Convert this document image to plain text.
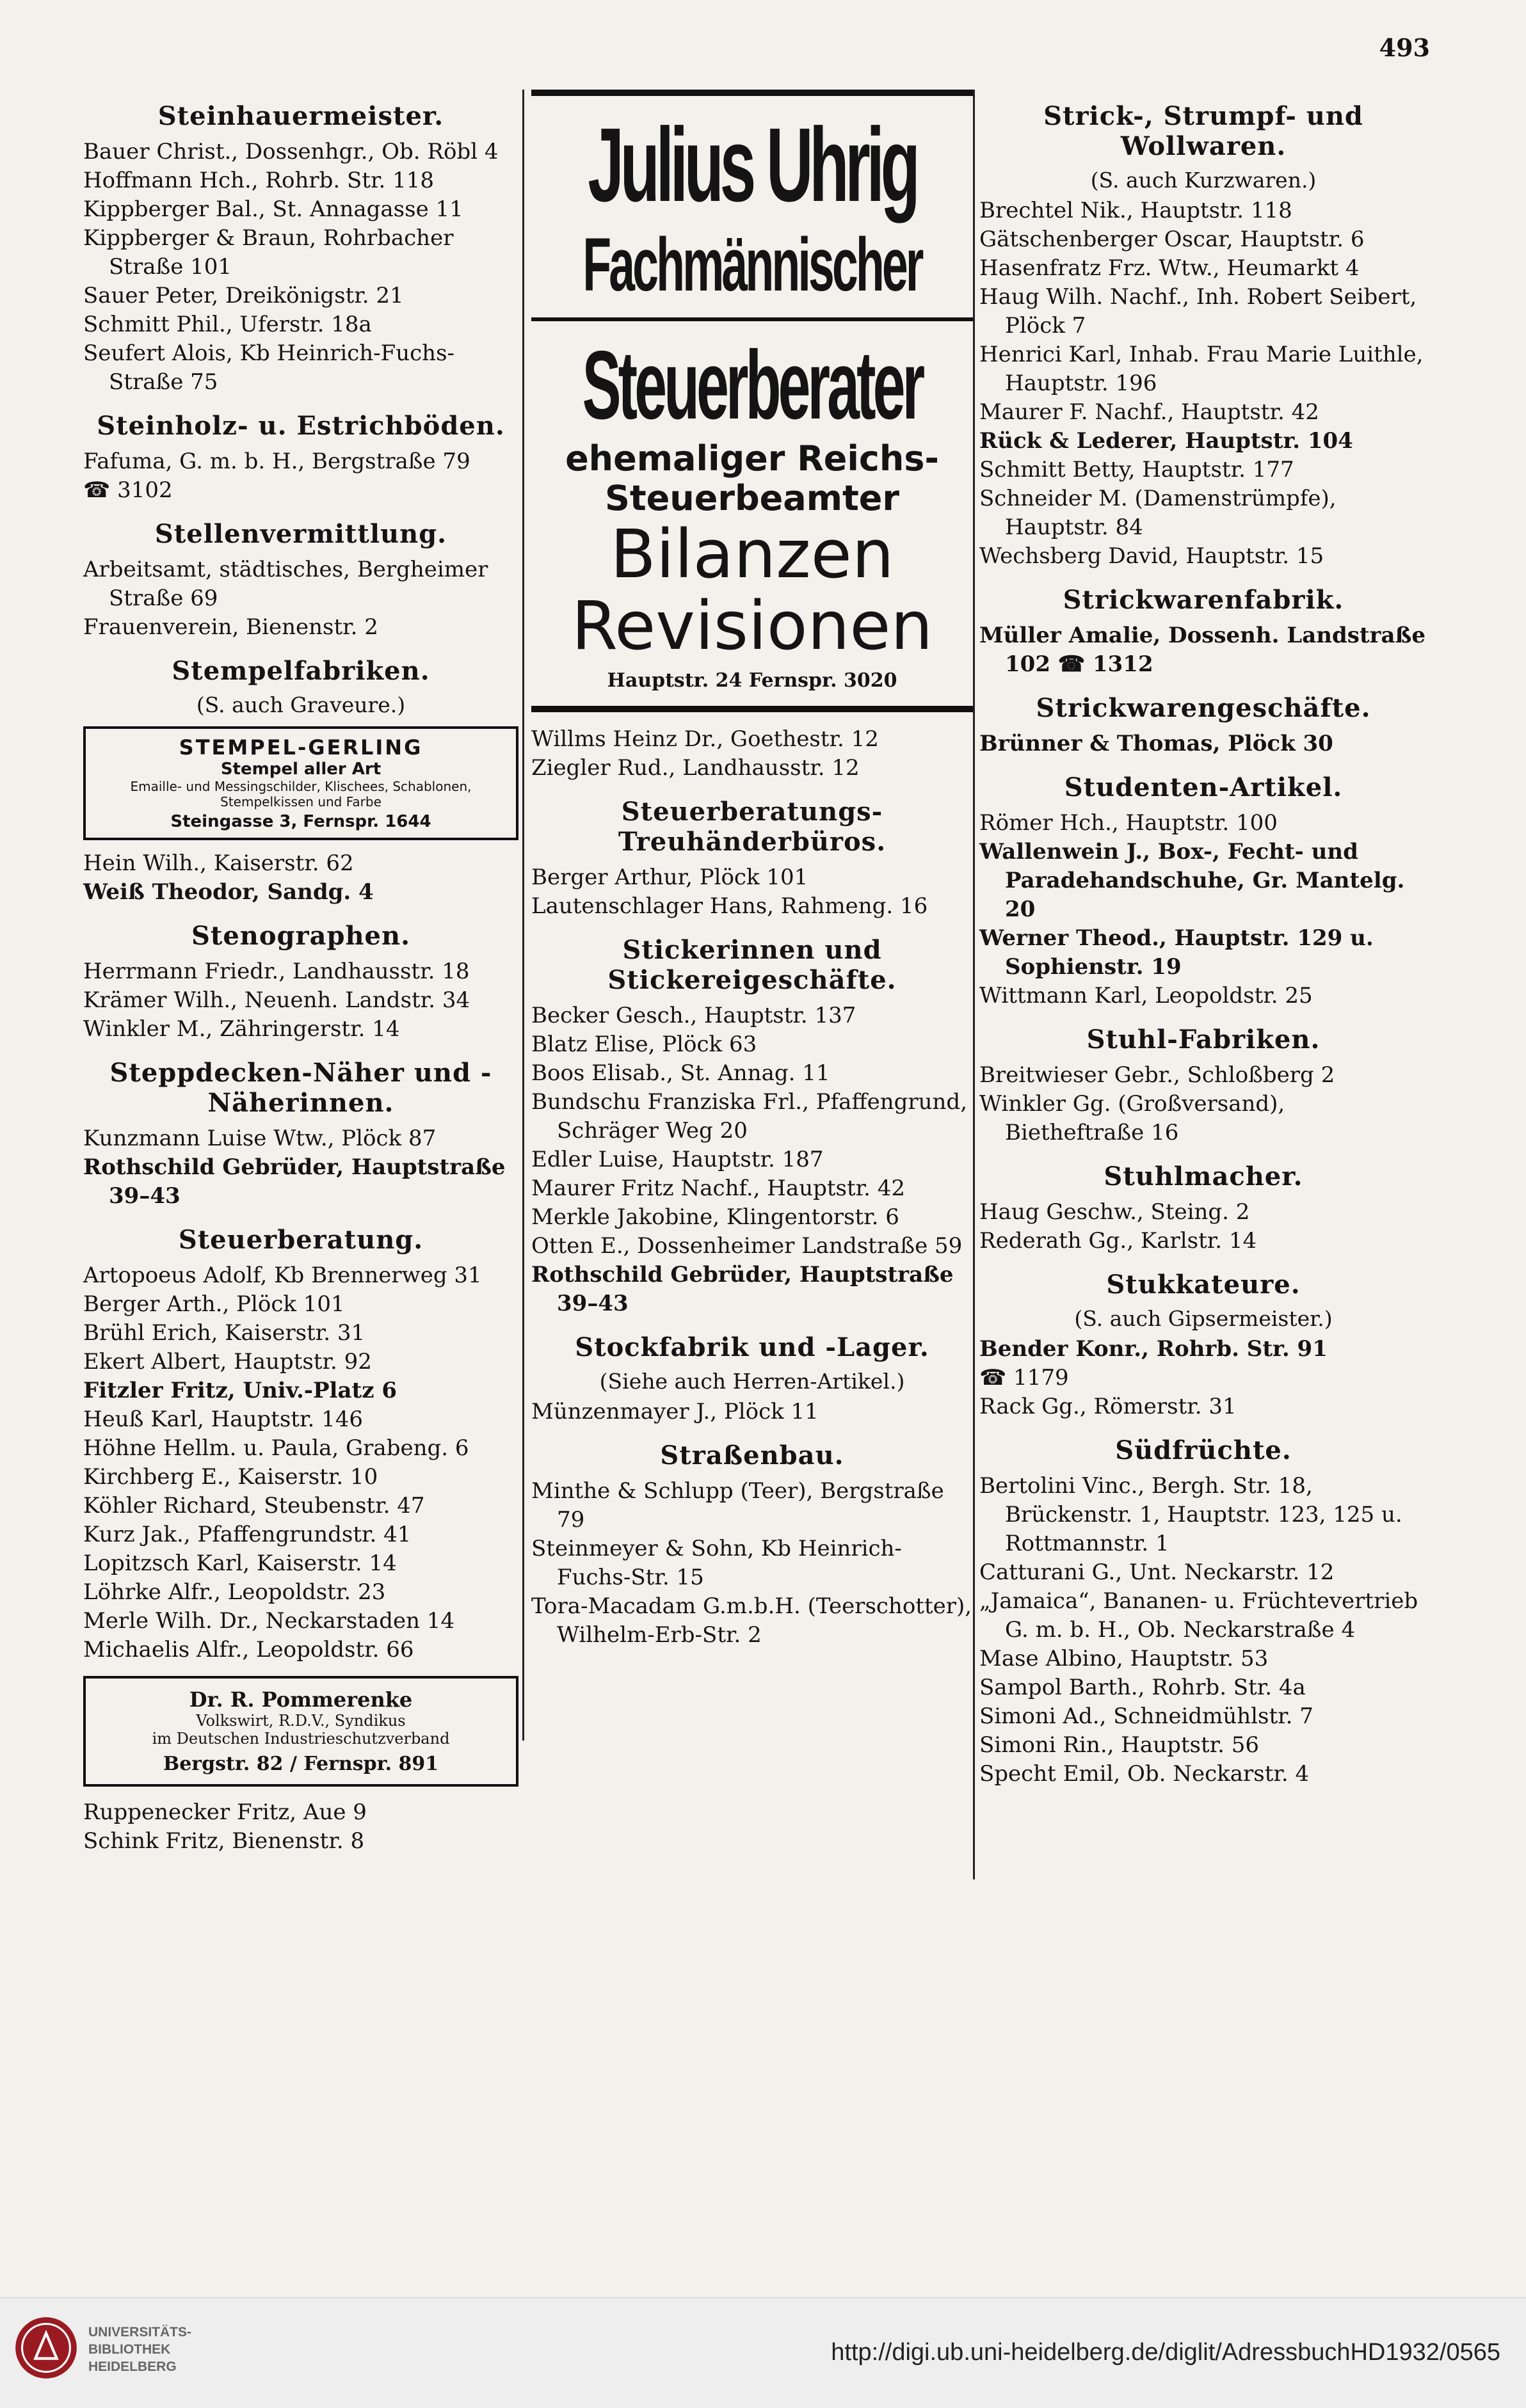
493
Steinhauermeister.
Bauer Christ., Dossenhgr., Ob. Röbl 4
Hoffmann Hch., Rohrb. Str. 118
Kippberger Bal., St. Annagasse 11
Kippberger & Braun, Rohrbacher Straße 101
Sauer Peter, Dreikönigstr. 21
Schmitt Phil., Uferstr. 18a
Seufert Alois, Kb Heinrich-Fuchs-Straße 75
Steinholz- u. Estrichböden.
Fafuma, G. m. b. H., Bergstraße 79
☎ 3102
Stellenvermittlung.
Arbeitsamt, städtisches, Bergheimer Straße 69
Frauenverein, Bienenstr. 2
Stempelfabriken.
(S. auch Graveure.)
STEMPEL-GERLING
Stempel aller Art
Emaille- und Messingschilder, Klischees, Schablonen, Stempelkissen und Farbe
Steingasse 3, Fernspr. 1644
Hein Wilh., Kaiserstr. 62
Weiß Theodor, Sandg. 4
Stenographen.
Herrmann Friedr., Landhausstr. 18
Krämer Wilh., Neuenh. Landstr. 34
Winkler M., Zähringerstr. 14
Steppdecken-Näher und -Näherinnen.
Kunzmann Luise Wtw., Plöck 87
Rothschild Gebrüder, Hauptstraße 39–43
Steuerberatung.
Artopoeus Adolf, Kb Brennerweg 31
Berger Arth., Plöck 101
Brühl Erich, Kaiserstr. 31
Ekert Albert, Hauptstr. 92
Fitzler Fritz, Univ.-Platz 6
Heuß Karl, Hauptstr. 146
Höhne Hellm. u. Paula, Grabeng. 6
Kirchberg E., Kaiserstr. 10
Köhler Richard, Steubenstr. 47
Kurz Jak., Pfaffengrundstr. 41
Lopitzsch Karl, Kaiserstr. 14
Löhrke Alfr., Leopoldstr. 23
Merle Wilh. Dr., Neckarstaden 14
Michaelis Alfr., Leopoldstr. 66
Dr. R. Pommerenke
Volkswirt, R.D.V., Syndikus
im Deutschen Industrieschutzverband
Bergstr. 82 / Fernspr. 891
Ruppenecker Fritz, Aue 9
Schink Fritz, Bienenstr. 8
Julius Uhrig
Fachmännischer
Steuerberater
ehemaliger Reichs-
Steuerbeamter
Bilanzen
Revisionen
Hauptstr. 24 Fernspr. 3020
Willms Heinz Dr., Goethestr. 12
Ziegler Rud., Landhausstr. 12
Steuerberatungs-Treuhänderbüros.
Berger Arthur, Plöck 101
Lautenschlager Hans, Rahmeng. 16
Stickerinnen und Stickereigeschäfte.
Becker Gesch., Hauptstr. 137
Blatz Elise, Plöck 63
Boos Elisab., St. Annag. 11
Bundschu Franziska Frl., Pfaffengrund, Schräger Weg 20
Edler Luise, Hauptstr. 187
Maurer Fritz Nachf., Hauptstr. 42
Merkle Jakobine, Klingentorstr. 6
Otten E., Dossenheimer Landstraße 59
Rothschild Gebrüder, Hauptstraße 39–43
Stockfabrik und -Lager.
(Siehe auch Herren-Artikel.)
Münzenmayer J., Plöck 11
Straßenbau.
Minthe & Schlupp (Teer), Bergstraße 79
Steinmeyer & Sohn, Kb Heinrich-Fuchs-Str. 15
Tora-Macadam G.m.b.H. (Teerschotter), Wilhelm-Erb-Str. 2
Strick-, Strumpf- und Wollwaren.
(S. auch Kurzwaren.)
Brechtel Nik., Hauptstr. 118
Gätschenberger Oscar, Hauptstr. 6
Hasenfratz Frz. Wtw., Heumarkt 4
Haug Wilh. Nachf., Inh. Robert Seibert, Plöck 7
Henrici Karl, Inhab. Frau Marie Luithle, Hauptstr. 196
Maurer F. Nachf., Hauptstr. 42
Rück & Lederer, Hauptstr. 104
Schmitt Betty, Hauptstr. 177
Schneider M. (Damenstrümpfe), Hauptstr. 84
Wechsberg David, Hauptstr. 15
Strickwarenfabrik.
Müller Amalie, Dossenh. Landstraße 102 ☎ 1312
Strickwarengeschäfte.
Brünner & Thomas, Plöck 30
Studenten-Artikel.
Römer Hch., Hauptstr. 100
Wallenwein J., Box-, Fecht- und Paradehandschuhe, Gr. Mantelg. 20
Werner Theod., Hauptstr. 129 u. Sophienstr. 19
Wittmann Karl, Leopoldstr. 25
Stuhl-Fabriken.
Breitwieser Gebr., Schloßberg 2
Winkler Gg. (Großversand), Bietheftraße 16
Stuhlmacher.
Haug Geschw., Steing. 2
Rederath Gg., Karlstr. 14
Stukkateure.
(S. auch Gipsermeister.)
Bender Konr., Rohrb. Str. 91
☎ 1179
Rack Gg., Römerstr. 31
Südfrüchte.
Bertolini Vinc., Bergh. Str. 18, Brückenstr. 1, Hauptstr. 123, 125 u. Rottmannstr. 1
Catturani G., Unt. Neckarstr. 12
„Jamaica“, Bananen- u. Früchtevertrieb G. m. b. H., Ob. Neckarstraße 4
Mase Albino, Hauptstr. 53
Sampol Barth., Rohrb. Str. 4a
Simoni Ad., Schneidmühlstr. 7
Simoni Rin., Hauptstr. 56
Specht Emil, Ob. Neckarstr. 4
UNIVERSITÄTS-
BIBLIOTHEK
HEIDELBERG
http://digi.ub.uni-heidelberg.de/diglit/AdressbuchHD1932/0565
